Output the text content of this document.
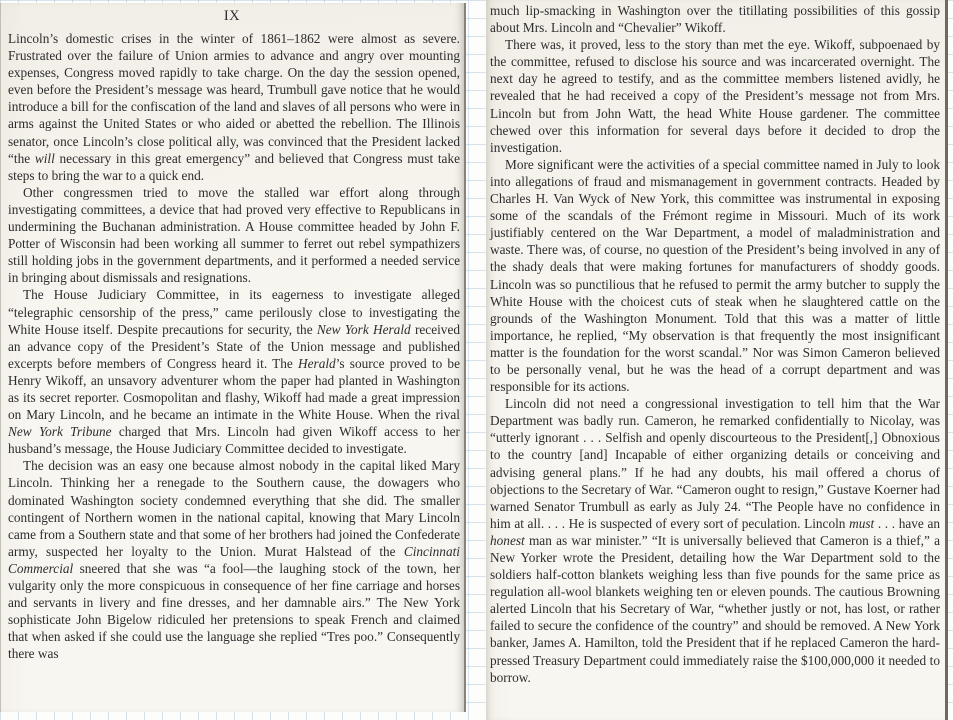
IX

Lincoln’s domestic crises in the winter of 1861–1862 were almost as severe. Frustrated over the failure of Union armies to advance and angry over mounting expenses, Congress moved rapidly to take charge. On the day the session opened, even before the President’s message was heard, Trumbull gave notice that he would introduce a bill for the confiscation of the land and slaves of all persons who were in arms against the United States or who aided or abetted the rebellion. The Illinois senator, once Lincoln’s close political ally, was convinced that the President lacked “the will necessary in this great emergency” and believed that Congress must take steps to bring the war to a quick end.

Other congressmen tried to move the stalled war effort along through investigating committees, a device that had proved very effective to Republicans in undermining the Buchanan administration. A House committee headed by John F. Potter of Wisconsin had been working all summer to ferret out rebel sympathizers still holding jobs in the government departments, and it performed a needed service in bringing about dismissals and resignations.

The House Judiciary Committee, in its eagerness to investigate alleged “telegraphic censorship of the press,” came perilously close to investigating the White House itself. Despite precautions for security, the New York Herald received an advance copy of the President’s State of the Union message and published excerpts before members of Congress heard it. The Herald’s source proved to be Henry Wikoff, an unsavory adventurer whom the paper had planted in Washington as its secret reporter. Cosmopolitan and flashy, Wikoff had made a great impression on Mary Lincoln, and he became an intimate in the White House. When the rival New York Tribune charged that Mrs. Lincoln had given Wikoff access to her husband’s message, the House Judiciary Committee decided to investigate.

The decision was an easy one because almost nobody in the capital liked Mary Lincoln. Thinking her a renegade to the Southern cause, the dowagers who dominated Washington society condemned everything that she did. The smaller contingent of Northern women in the national capital, knowing that Mary Lincoln came from a Southern state and that some of her brothers had joined the Confederate army, suspected her loyalty to the Union. Murat Halstead of the Cincinnati Commercial sneered that she was “a fool—the laughing stock of the town, her vulgarity only the more conspicuous in consequence of her fine carriage and horses and servants in livery and fine dresses, and her damnable airs.” The New York sophisticate John Bigelow ridiculed her pretensions to speak French and claimed that when asked if she could use the language she replied “Tres poo.” Consequently there was

much lip-smacking in Washington over the titillating possibilities of this gossip about Mrs. Lincoln and “Chevalier” Wikoff.

There was, it proved, less to the story than met the eye. Wikoff, subpoenaed by the committee, refused to disclose his source and was incarcerated overnight. The next day he agreed to testify, and as the committee members listened avidly, he revealed that he had received a copy of the President’s message not from Mrs. Lincoln but from John Watt, the head White House gardener. The committee chewed over this information for several days before it decided to drop the investigation.

More significant were the activities of a special committee named in July to look into allegations of fraud and mismanagement in government contracts. Headed by Charles H. Van Wyck of New York, this committee was instrumental in exposing some of the scandals of the Frémont regime in Missouri. Much of its work justifiably centered on the War Department, a model of maladministration and waste. There was, of course, no question of the President’s being involved in any of the shady deals that were making fortunes for manufacturers of shoddy goods. Lincoln was so punctilious that he refused to permit the army butcher to supply the White House with the choicest cuts of steak when he slaughtered cattle on the grounds of the Washington Monument. Told that this was a matter of little importance, he replied, “My observation is that frequently the most insignificant matter is the foundation for the worst scandal.” Nor was Simon Cameron believed to be personally venal, but he was the head of a corrupt department and was responsible for its actions.

Lincoln did not need a congressional investigation to tell him that the War Department was badly run. Cameron, he remarked confidentially to Nicolay, was “utterly ignorant . . . Selfish and openly discourteous to the President[,] Obnoxious to the country [and] Incapable of either organizing details or conceiving and advising general plans.” If he had any doubts, his mail offered a chorus of objections to the Secretary of War. “Cameron ought to resign,” Gustave Koerner had warned Senator Trumbull as early as July 24. “The People have no confidence in him at all. . . . He is suspected of every sort of peculation. Lincoln must . . . have an honest man as war minister.” “It is universally believed that Cameron is a thief,” a New Yorker wrote the President, detailing how the War Department sold to the soldiers half-cotton blankets weighing less than five pounds for the same price as regulation all-wool blankets weighing ten or eleven pounds. The cautious Browning alerted Lincoln that his Secretary of War, “whether justly or not, has lost, or rather failed to secure the confidence of the country” and should be removed. A New York banker, James A. Hamilton, told the President that if he replaced Cameron the hard-pressed Treasury Department could immediately raise the $100,000,000 it needed to borrow.
